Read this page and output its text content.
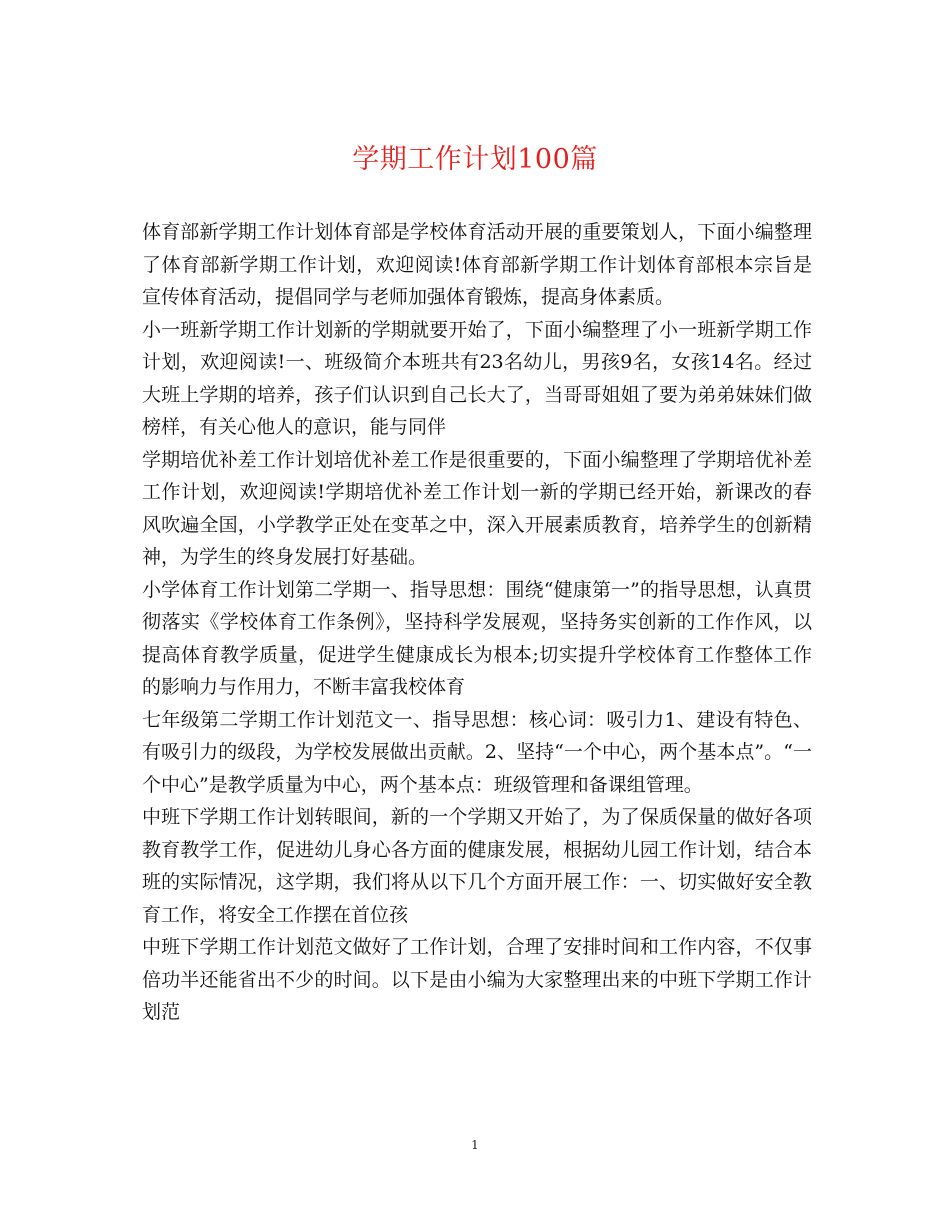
学期工作计划100篇

体育部新学期工作计划体育部是学校体育活动开展的重要策划人，下面小编整理了体育部新学期工作计划，欢迎阅读!体育部新学期工作计划体育部根本宗旨是宣传体育活动，提倡同学与老师加强体育锻炼，提高身体素质。

小一班新学期工作计划新的学期就要开始了，下面小编整理了小一班新学期工作计划，欢迎阅读!一、班级简介本班共有23名幼儿，男孩9名，女孩14名。经过大班上学期的培养，孩子们认识到自己长大了，当哥哥姐姐了要为弟弟妹妹们做榜样，有关心他人的意识，能与同伴

学期培优补差工作计划培优补差工作是很重要的，下面小编整理了学期培优补差工作计划，欢迎阅读!学期培优补差工作计划一新的学期已经开始，新课改的春风吹遍全国，小学教学正处在变革之中，深入开展素质教育，培养学生的创新精神，为学生的终身发展打好基础。

小学体育工作计划第二学期一、指导思想：围绕“健康第一”的指导思想，认真贯彻落实《学校体育工作条例》，坚持科学发展观，坚持务实创新的工作作风，以提高体育教学质量，促进学生健康成长为根本;切实提升学校体育工作整体工作的影响力与作用力，不断丰富我校体育

七年级第二学期工作计划范文一、指导思想：核心词：吸引力1、建设有特色、有吸引力的级段，为学校发展做出贡献。2、坚持“一个中心，两个基本点”。“一个中心”是教学质量为中心，两个基本点：班级管理和备课组管理。

中班下学期工作计划转眼间，新的一个学期又开始了，为了保质保量的做好各项教育教学工作，促进幼儿身心各方面的健康发展，根据幼儿园工作计划，结合本班的实际情况，这学期，我们将从以下几个方面开展工作：一、切实做好安全教育工作，将安全工作摆在首位孩

中班下学期工作计划范文做好了工作计划，合理了安排时间和工作内容，不仅事倍功半还能省出不少的时间。以下是由小编为大家整理出来的中班下学期工作计划范

1
